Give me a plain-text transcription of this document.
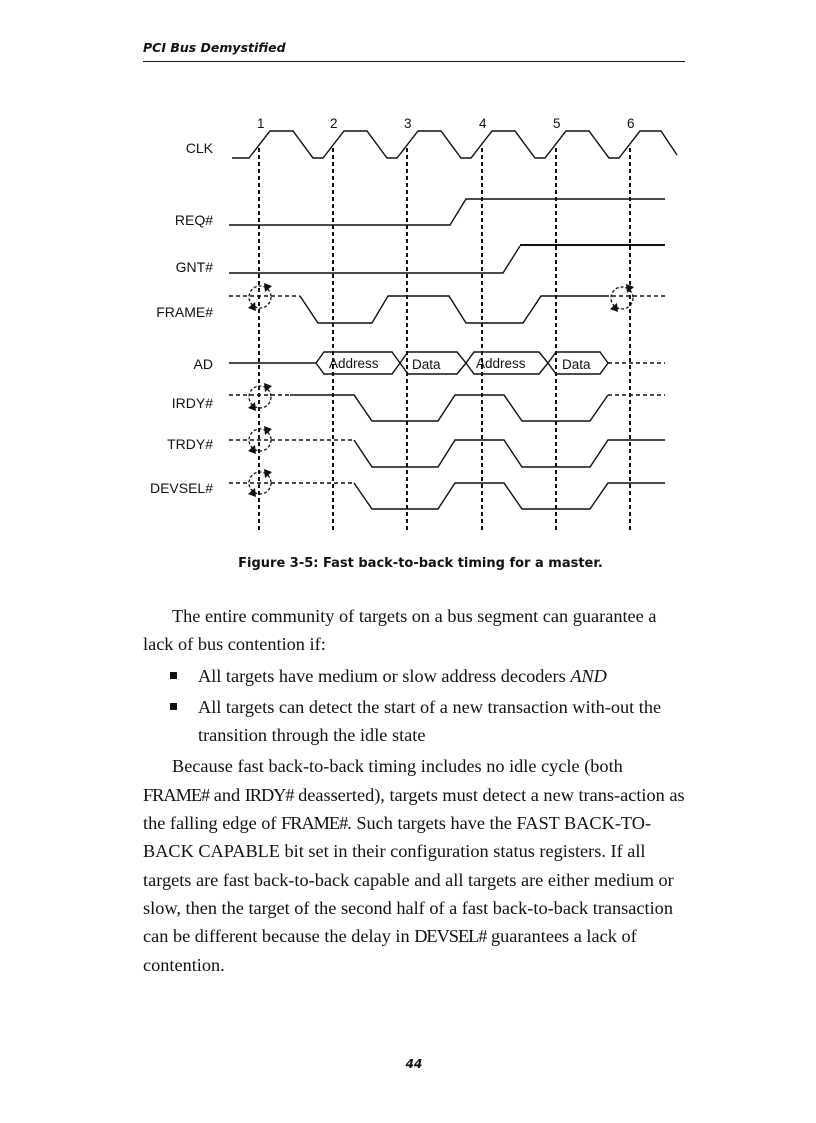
PCI Bus Demystified
1	2	3	4	5	6
CLK
REQ#
GNT#
FRAME#
AD
IRDY#
TRDY#
DEVSEL#
Address Data	Address	Data
Figure 3-5: Fast back-to-back timing for a master.

The entire community of targets on a bus segment can guarantee a lack of bus contention if:

All targets have medium or slow address decoders AND
All targets can detect the start of a new transaction with-out the transition through the idle state

Because fast back-to-back timing includes no idle cycle (both FRAME# and IRDY# deasserted), targets must detect a new trans-action as the falling edge of FRAME#. Such targets have the FAST BACK-TO-BACK CAPABLE bit set in their configuration status registers. If all targets are fast back-to-back capable and all targets are either medium or slow, then the target of the second half of a fast back-to-back transaction can be different because the delay in DEVSEL# guarantees a lack of contention.

44
